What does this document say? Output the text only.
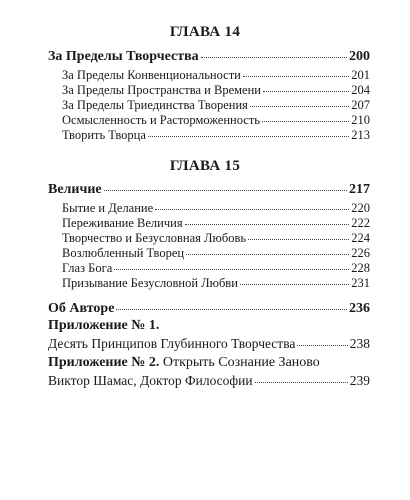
ГЛАВА 14
За Пределы Творчества	200
За Пределы Конвенциональности	201
За Пределы Пространства и Времени	204
За Пределы Триединства Творения	207
Осмысленность и Расторможенность	210
Творить Творца	213
ГЛАВА 15
Величие	217
Бытие и Делание	220
Переживание Величия	222
Творчество и Безусловная Любовь	224
Возлюбленный Творец	226
Глаз Бога	228
Призывание Безусловной Любви	231
Об Авторе	236
Приложение № 1.
Десять Принципов Глубинного Творчества	238
Приложение № 2. Открыть Сознание Заново
Виктор Шамас, Доктор Философии	239
